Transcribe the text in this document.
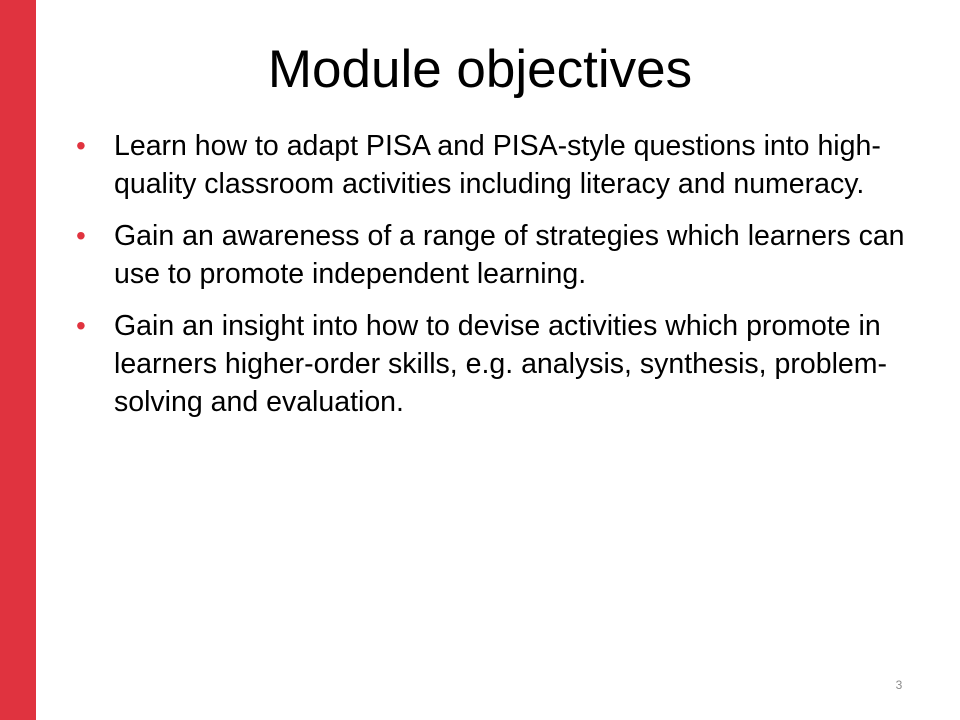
Module objectives
• Learn how to adapt PISA and PISA-style questions into high-quality classroom activities including literacy and numeracy.
• Gain an awareness of a range of strategies which learners can use to promote independent learning.
• Gain an insight into how to devise activities which promote in learners higher-order skills, e.g. analysis, synthesis, problem-solving and evaluation.
3
